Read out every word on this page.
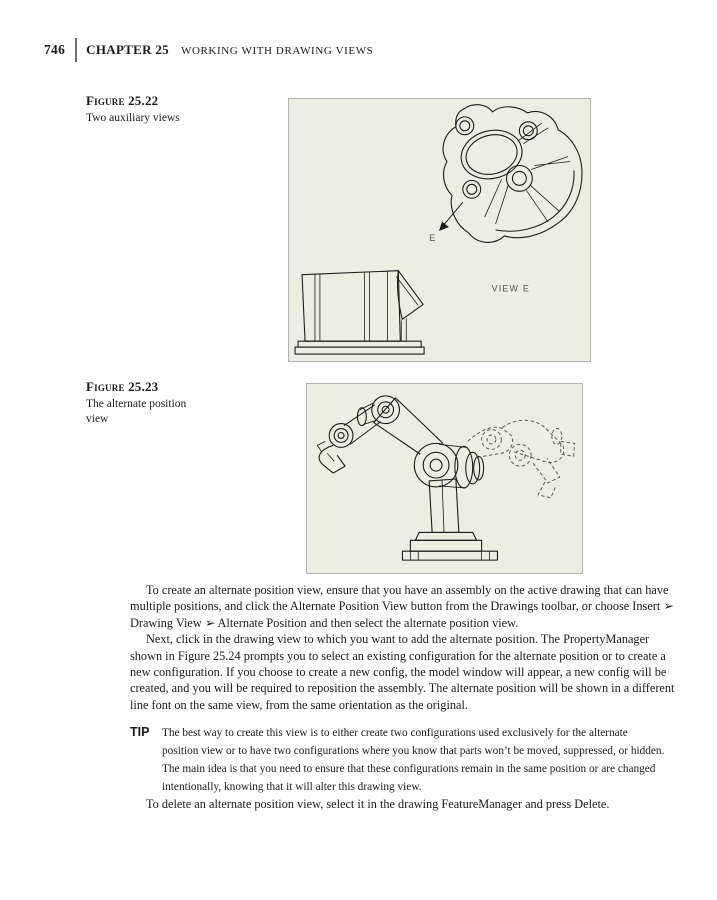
746 CHAPTER 25 WORKING WITH DRAWING VIEWS
Figure 25.22
Two auxiliary views
E
VIEW E
Figure 25.23
The alternate position view

To create an alternate position view, ensure that you have an assembly on the active drawing that can have multiple positions, and click the Alternate Position View button from the Drawings toolbar, or choose Insert ➢ Drawing View ➢ Alternate Position and then select the alternate position view.

Next, click in the drawing view to which you want to add the alternate position. The PropertyManager shown in Figure 25.24 prompts you to select an existing configuration for the alternate position or to create a new configuration. If you choose to create a new config, the model window will appear, a new config will be created, and you will be required to reposition the assembly. The alternate position will be shown in a different line font on the same view, from the same orientation as the original.

TIP	The best way to create this view is to either create two configurations used exclusively for the alternate position view or to have two configurations where you know that parts won’t be moved, suppressed, or hidden. The main idea is that you need to ensure that these configurations remain in the same position or are changed intentionally, knowing that it will alter this drawing view.

To delete an alternate position view, select it in the drawing FeatureManager and press Delete.
